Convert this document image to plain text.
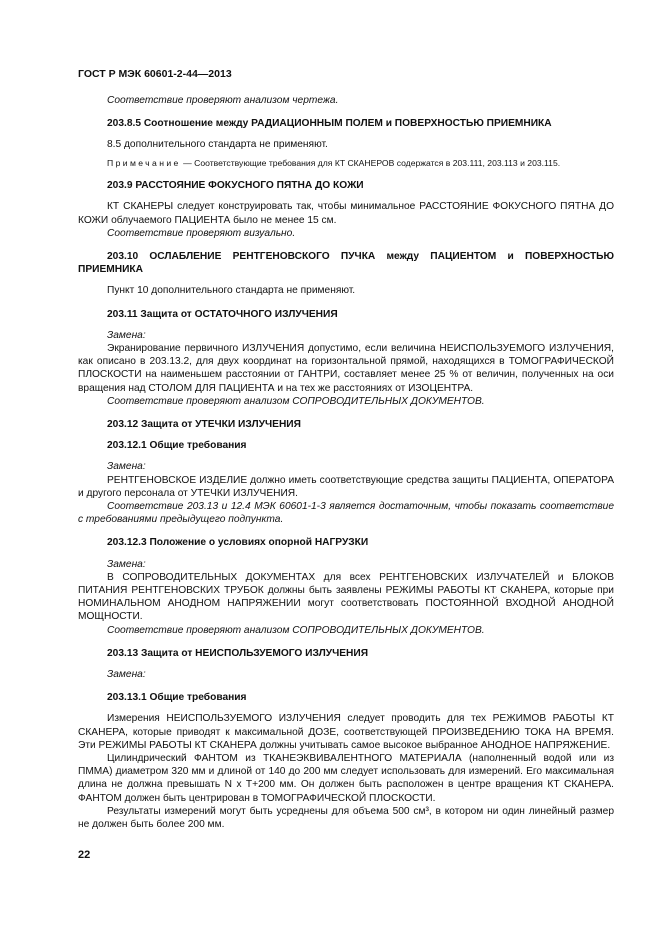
ГОСТ Р МЭК 60601-2-44—2013

Соответствие проверяют анализом чертежа.

203.8.5 Соотношение между РАДИАЦИОННЫМ ПОЛЕМ и ПОВЕРХНОСТЬЮ ПРИЕМНИКА

8.5 дополнительного стандарта не применяют.

Примечание — Соответствующие требования для КТ СКАНЕРОВ содержатся в 203.111, 203.113 и 203.115.

203.9 РАССТОЯНИЕ ФОКУСНОГО ПЯТНА ДО КОЖИ

КТ СКАНЕРЫ следует конструировать так, чтобы минимальное РАССТОЯНИЕ ФОКУСНОГО ПЯТНА ДО КОЖИ облучаемого ПАЦИЕНТА было не менее 15 см.

Соответствие проверяют визуально.

203.10 ОСЛАБЛЕНИЕ РЕНТГЕНОВСКОГО ПУЧКА между ПАЦИЕНТОМ и ПОВЕРХНОСТЬЮ ПРИЕМНИКА

Пункт 10 дополнительного стандарта не применяют.

203.11 Защита от ОСТАТОЧНОГО ИЗЛУЧЕНИЯ

Замена:

Экранирование первичного ИЗЛУЧЕНИЯ допустимо, если величина НЕИСПОЛЬЗУЕМОГО ИЗЛУЧЕНИЯ, как описано в 203.13.2, для двух координат на горизонтальной прямой, находящихся в ТОМОГРАФИЧЕСКОЙ ПЛОСКОСТИ на наименьшем расстоянии от ГАНТРИ, составляет менее 25 % от величин, полученных на оси вращения над СТОЛОМ ДЛЯ ПАЦИЕНТА и на тех же расстояниях от ИЗОЦЕНТРА.

Соответствие проверяют анализом СОПРОВОДИТЕЛЬНЫХ ДОКУМЕНТОВ.

203.12 Защита от УТЕЧКИ ИЗЛУЧЕНИЯ

203.12.1 Общие требования

Замена:

РЕНТГЕНОВСКОЕ ИЗДЕЛИЕ должно иметь соответствующие средства защиты ПАЦИЕНТА, ОПЕРАТОРА и другого персонала от УТЕЧКИ ИЗЛУЧЕНИЯ.

Соответствие 203.13 и 12.4 МЭК 60601-1-3 является достаточным, чтобы показать соответствие с требованиями предыдущего подпункта.

203.12.3 Положение о условиях опорной НАГРУЗКИ

Замена:

В СОПРОВОДИТЕЛЬНЫХ ДОКУМЕНТАХ для всех РЕНТГЕНОВСКИХ ИЗЛУЧАТЕЛЕЙ и БЛОКОВ ПИТАНИЯ РЕНТГЕНОВСКИХ ТРУБОК должны быть заявлены РЕЖИМЫ РАБОТЫ КТ СКАНЕРА, которые при НОМИНАЛЬНОМ АНОДНОМ НАПРЯЖЕНИИ могут соответствовать ПОСТОЯННОЙ ВХОДНОЙ АНОДНОЙ МОЩНОСТИ.

Соответствие проверяют анализом СОПРОВОДИТЕЛЬНЫХ ДОКУМЕНТОВ.

203.13 Защита от НЕИСПОЛЬЗУЕМОГО ИЗЛУЧЕНИЯ

Замена:

203.13.1 Общие требования

Измерения НЕИСПОЛЬЗУЕМОГО ИЗЛУЧЕНИЯ следует проводить для тех РЕЖИМОВ РАБОТЫ КТ СКАНЕРА, которые приводят к максимальной ДОЗЕ, соответствующей ПРОИЗВЕДЕНИЮ ТОКА НА ВРЕМЯ. Эти РЕЖИМЫ РАБОТЫ КТ СКАНЕРА должны учитывать самое высокое выбранное АНОДНОЕ НАПРЯЖЕНИЕ.

Цилиндрический ФАНТОМ из ТКАНЕЭКВИВАЛЕНТНОГО МАТЕРИАЛА (наполненный водой или из ПММА) диаметром 320 мм и длиной от 140 до 200 мм следует использовать для измерений. Его максимальная длина не должна превышать N x T+200 мм. Он должен быть расположен в центре вращения КТ СКАНЕРА. ФАНТОМ должен быть центрирован в ТОМОГРАФИЧЕСКОЙ ПЛОСКОСТИ.

Результаты измерений могут быть усреднены для объема 500 см³, в котором ни один линейный размер не должен быть более 200 мм.

22
